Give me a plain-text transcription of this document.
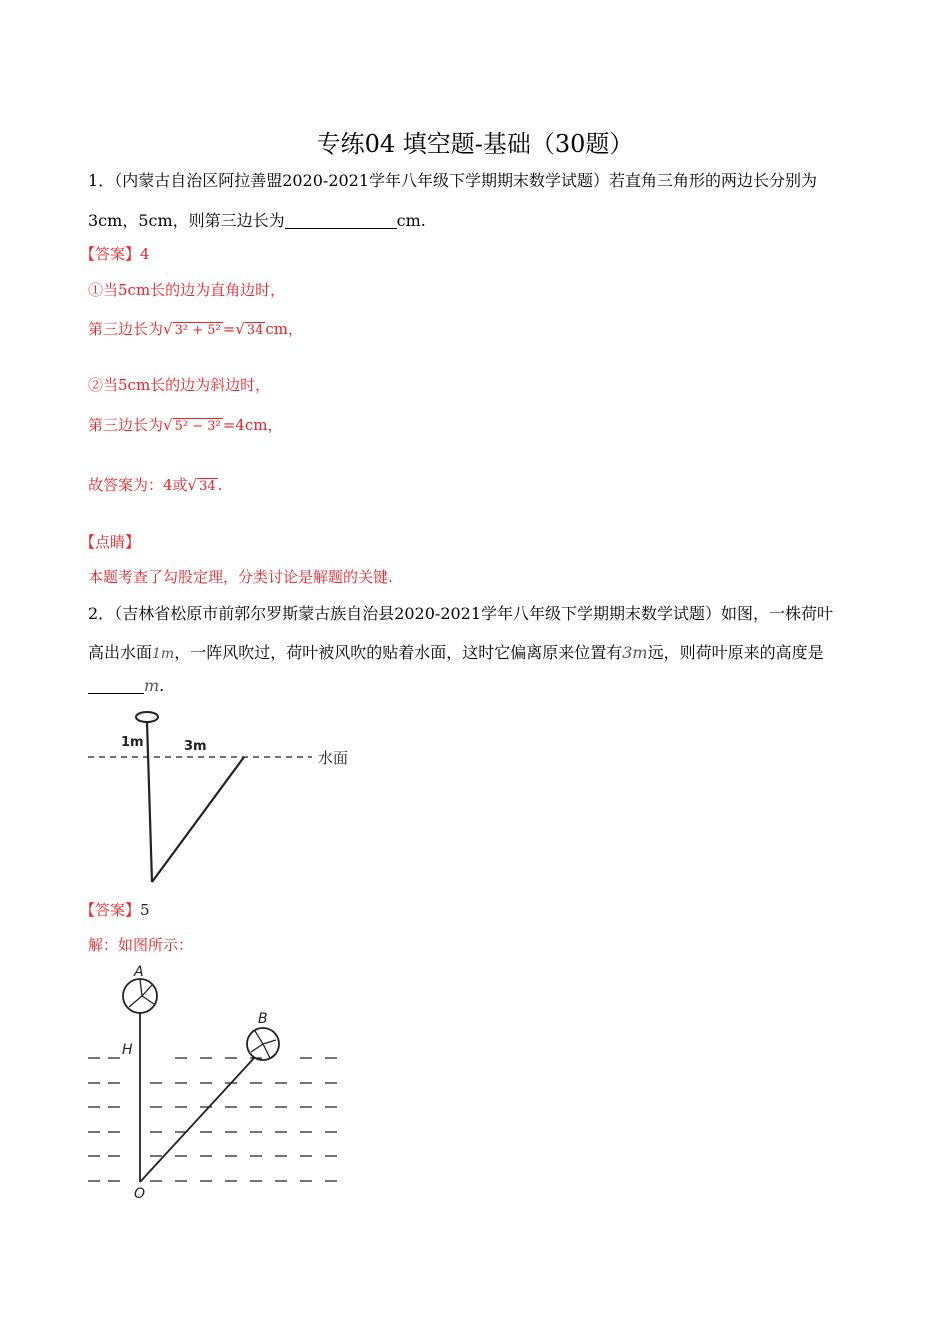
专练04 填空题-基础（30题）
1．（内蒙古自治区阿拉善盟2020-2021学年八年级下学期期末数学试题）若直角三角形的两边长分别为
3cm，5cm，则第三边长为	cm.
【答案】4
①当5cm长的边为直角边时，
第三边长为√ 3² + 5² =√ 34 cm，
②当5cm长的边为斜边时，
第三边长为√ 5² − 3² =4cm，
故答案为：4或√ 34 .
【点睛】
本题考查了勾股定理，分类讨论是解题的关键.
2．（吉林省松原市前郭尔罗斯蒙古族自治县2020-2021学年八年级下学期期末数学试题）如图，一株荷叶
高出水面1m，一阵风吹过，荷叶被风吹的贴着水面，这时它偏离原来位置有3m远，则荷叶原来的高度是
m.
1m	3m
水面
【答案】5
解：如图所示：
A
B
H
O
